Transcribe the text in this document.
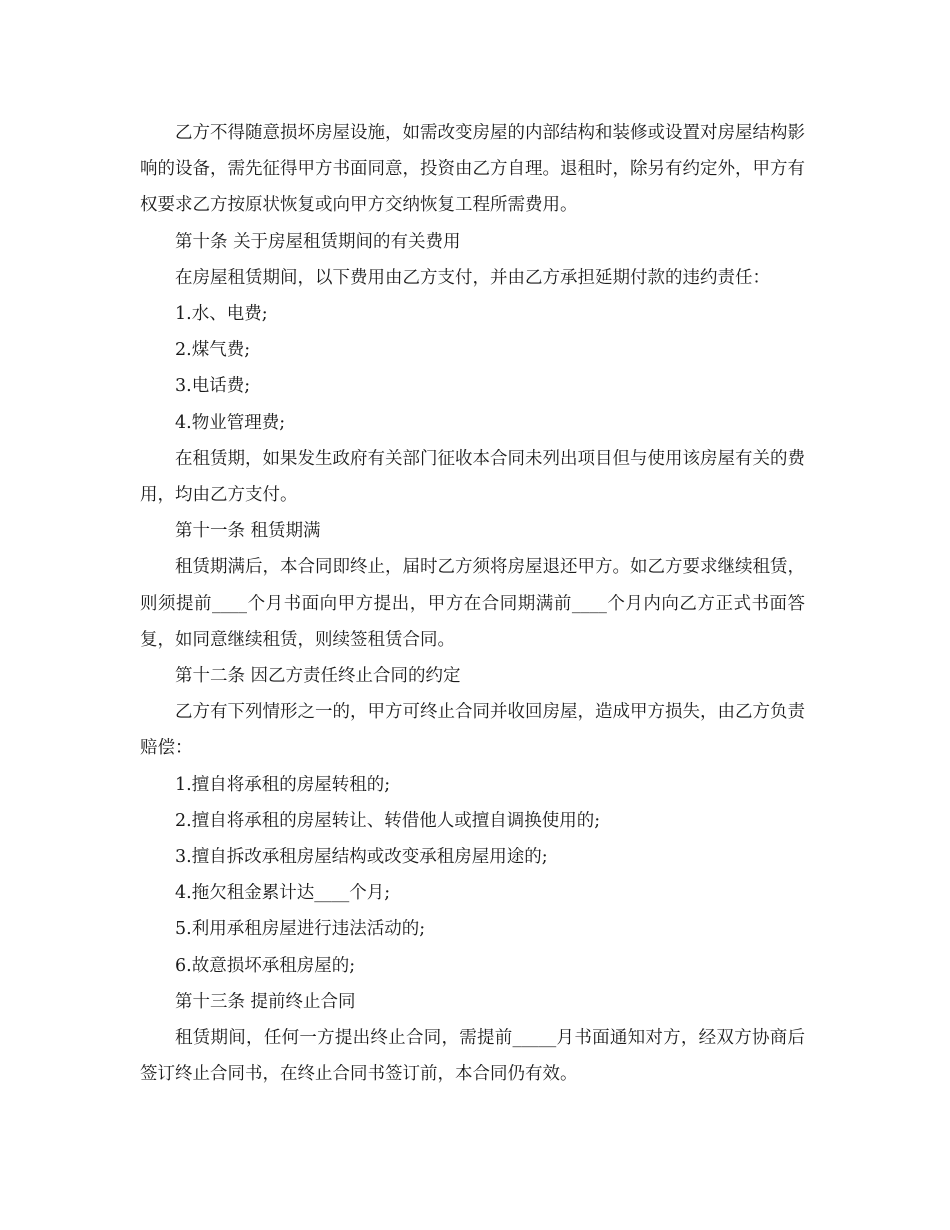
乙方不得随意损坏房屋设施，如需改变房屋的内部结构和装修或设置对房屋结构影响的设备，需先征得甲方书面同意，投资由乙方自理。退租时，除另有约定外，甲方有权要求乙方按原状恢复或向甲方交纳恢复工程所需费用。

第十条 关于房屋租赁期间的有关费用

在房屋租赁期间，以下费用由乙方支付，并由乙方承担延期付款的违约责任：

1.水、电费;

2.煤气费;

3.电话费;

4.物业管理费;

在租赁期，如果发生政府有关部门征收本合同未列出项目但与使用该房屋有关的费用，均由乙方支付。

第十一条 租赁期满

租赁期满后，本合同即终止，届时乙方须将房屋退还甲方。如乙方要求继续租赁，则须提前____个月书面向甲方提出，甲方在合同期满前____个月内向乙方正式书面答复，如同意继续租赁，则续签租赁合同。

第十二条 因乙方责任终止合同的约定

乙方有下列情形之一的，甲方可终止合同并收回房屋，造成甲方损失，由乙方负责赔偿：

1.擅自将承租的房屋转租的;

2.擅自将承租的房屋转让、转借他人或擅自调换使用的;

3.擅自拆改承租房屋结构或改变承租房屋用途的;

4.拖欠租金累计达____个月;

5.利用承租房屋进行违法活动的;

6.故意损坏承租房屋的;

第十三条 提前终止合同

租赁期间，任何一方提出终止合同，需提前_____月书面通知对方，经双方协商后签订终止合同书，在终止合同书签订前，本合同仍有效。
